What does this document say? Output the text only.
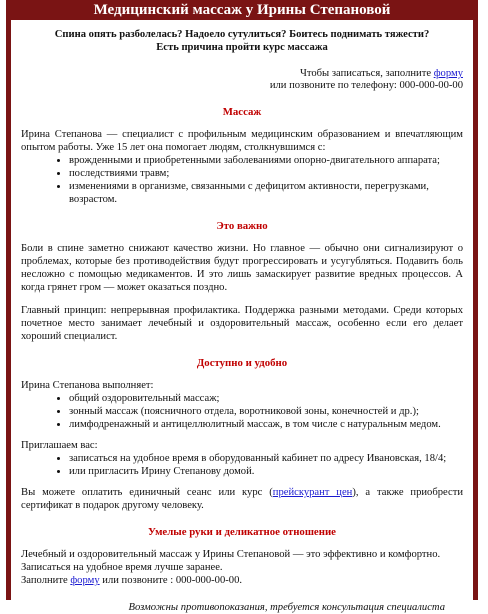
Медицинский массаж у Ирины Степановой
Спина опять разболелась? Надоело сутулиться? Боитесь поднимать тяжести?
Есть причина пройти курс массажа
Чтобы записаться, заполните форму
или позвоните по телефону: 000-000-00-00
Массаж

Ирина Степанова — специалист с профильным медицинским образованием и впечатляющим опытом работы. Уже 15 лет она помогает людям, столкнувшимся с:

• врожденными и приобретенными заболеваниями опорно-двигательного аппарата;
• последствиями травм;
• изменениями в организме, связанными с дефицитом активности, перегрузками, возрастом.
Это важно

Боли в спине заметно снижают качество жизни. Но главное — обычно они сигнализируют о проблемах, которые без противодействия будут прогрессировать и усугубляться. Подавить боль несложно с помощью медикаментов. И это лишь замаскирует развитие вредных процессов. А когда грянет гром — может оказаться поздно.

Главный принцип: непрерывная профилактика. Поддержка разными методами. Среди которых почетное место занимает лечебный и оздоровительный массаж, особенно если его делает хороший специалист.

Доступно и удобно

Ирина Степанова выполняет:

• общий оздоровительный массаж;
• зонный массаж (поясничного отдела, воротниковой зоны, конечностей и др.);
• лимфодренажный и антицеллюлитный массаж, в том числе с натуральным медом.

Приглашаем вас:

• записаться на удобное время в оборудованный кабинет по адресу Ивановская, 18/4;
• или пригласить Ирину Степанову домой.

Вы можете оплатить единичный сеанс или курс (прейскурант цен), а также приобрести сертификат в подарок другому человеку.

Умелые руки и деликатное отношение

Лечебный и оздоровительный массаж у Ирины Степановой — это эффективно и комфортно.

Записаться на удобное время лучше заранее.

Заполните форму или позвоните : 000-000-00-00.

Возможны противопоказания, требуется консультация специалиста
